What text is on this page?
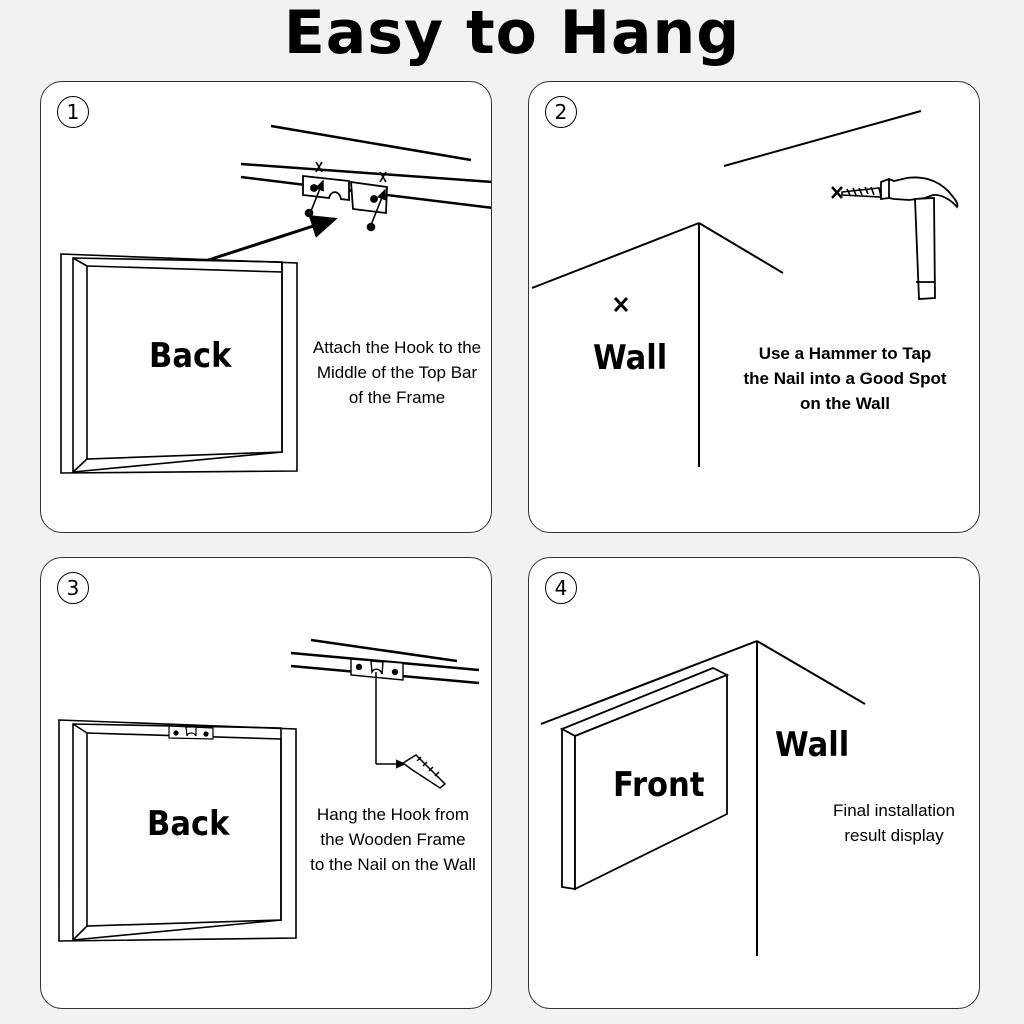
Easy to Hang
1
Back	Attach the Hook to the
Middle of the Top Bar
of the Frame
2
Wall	Use a Hammer to Tap
the Nail into a Good Spot
on the Wall
3
Back	Hang the Hook from
the Wooden Frame
to the Nail on the Wall
4
Front
Wall
Final installation
result display
